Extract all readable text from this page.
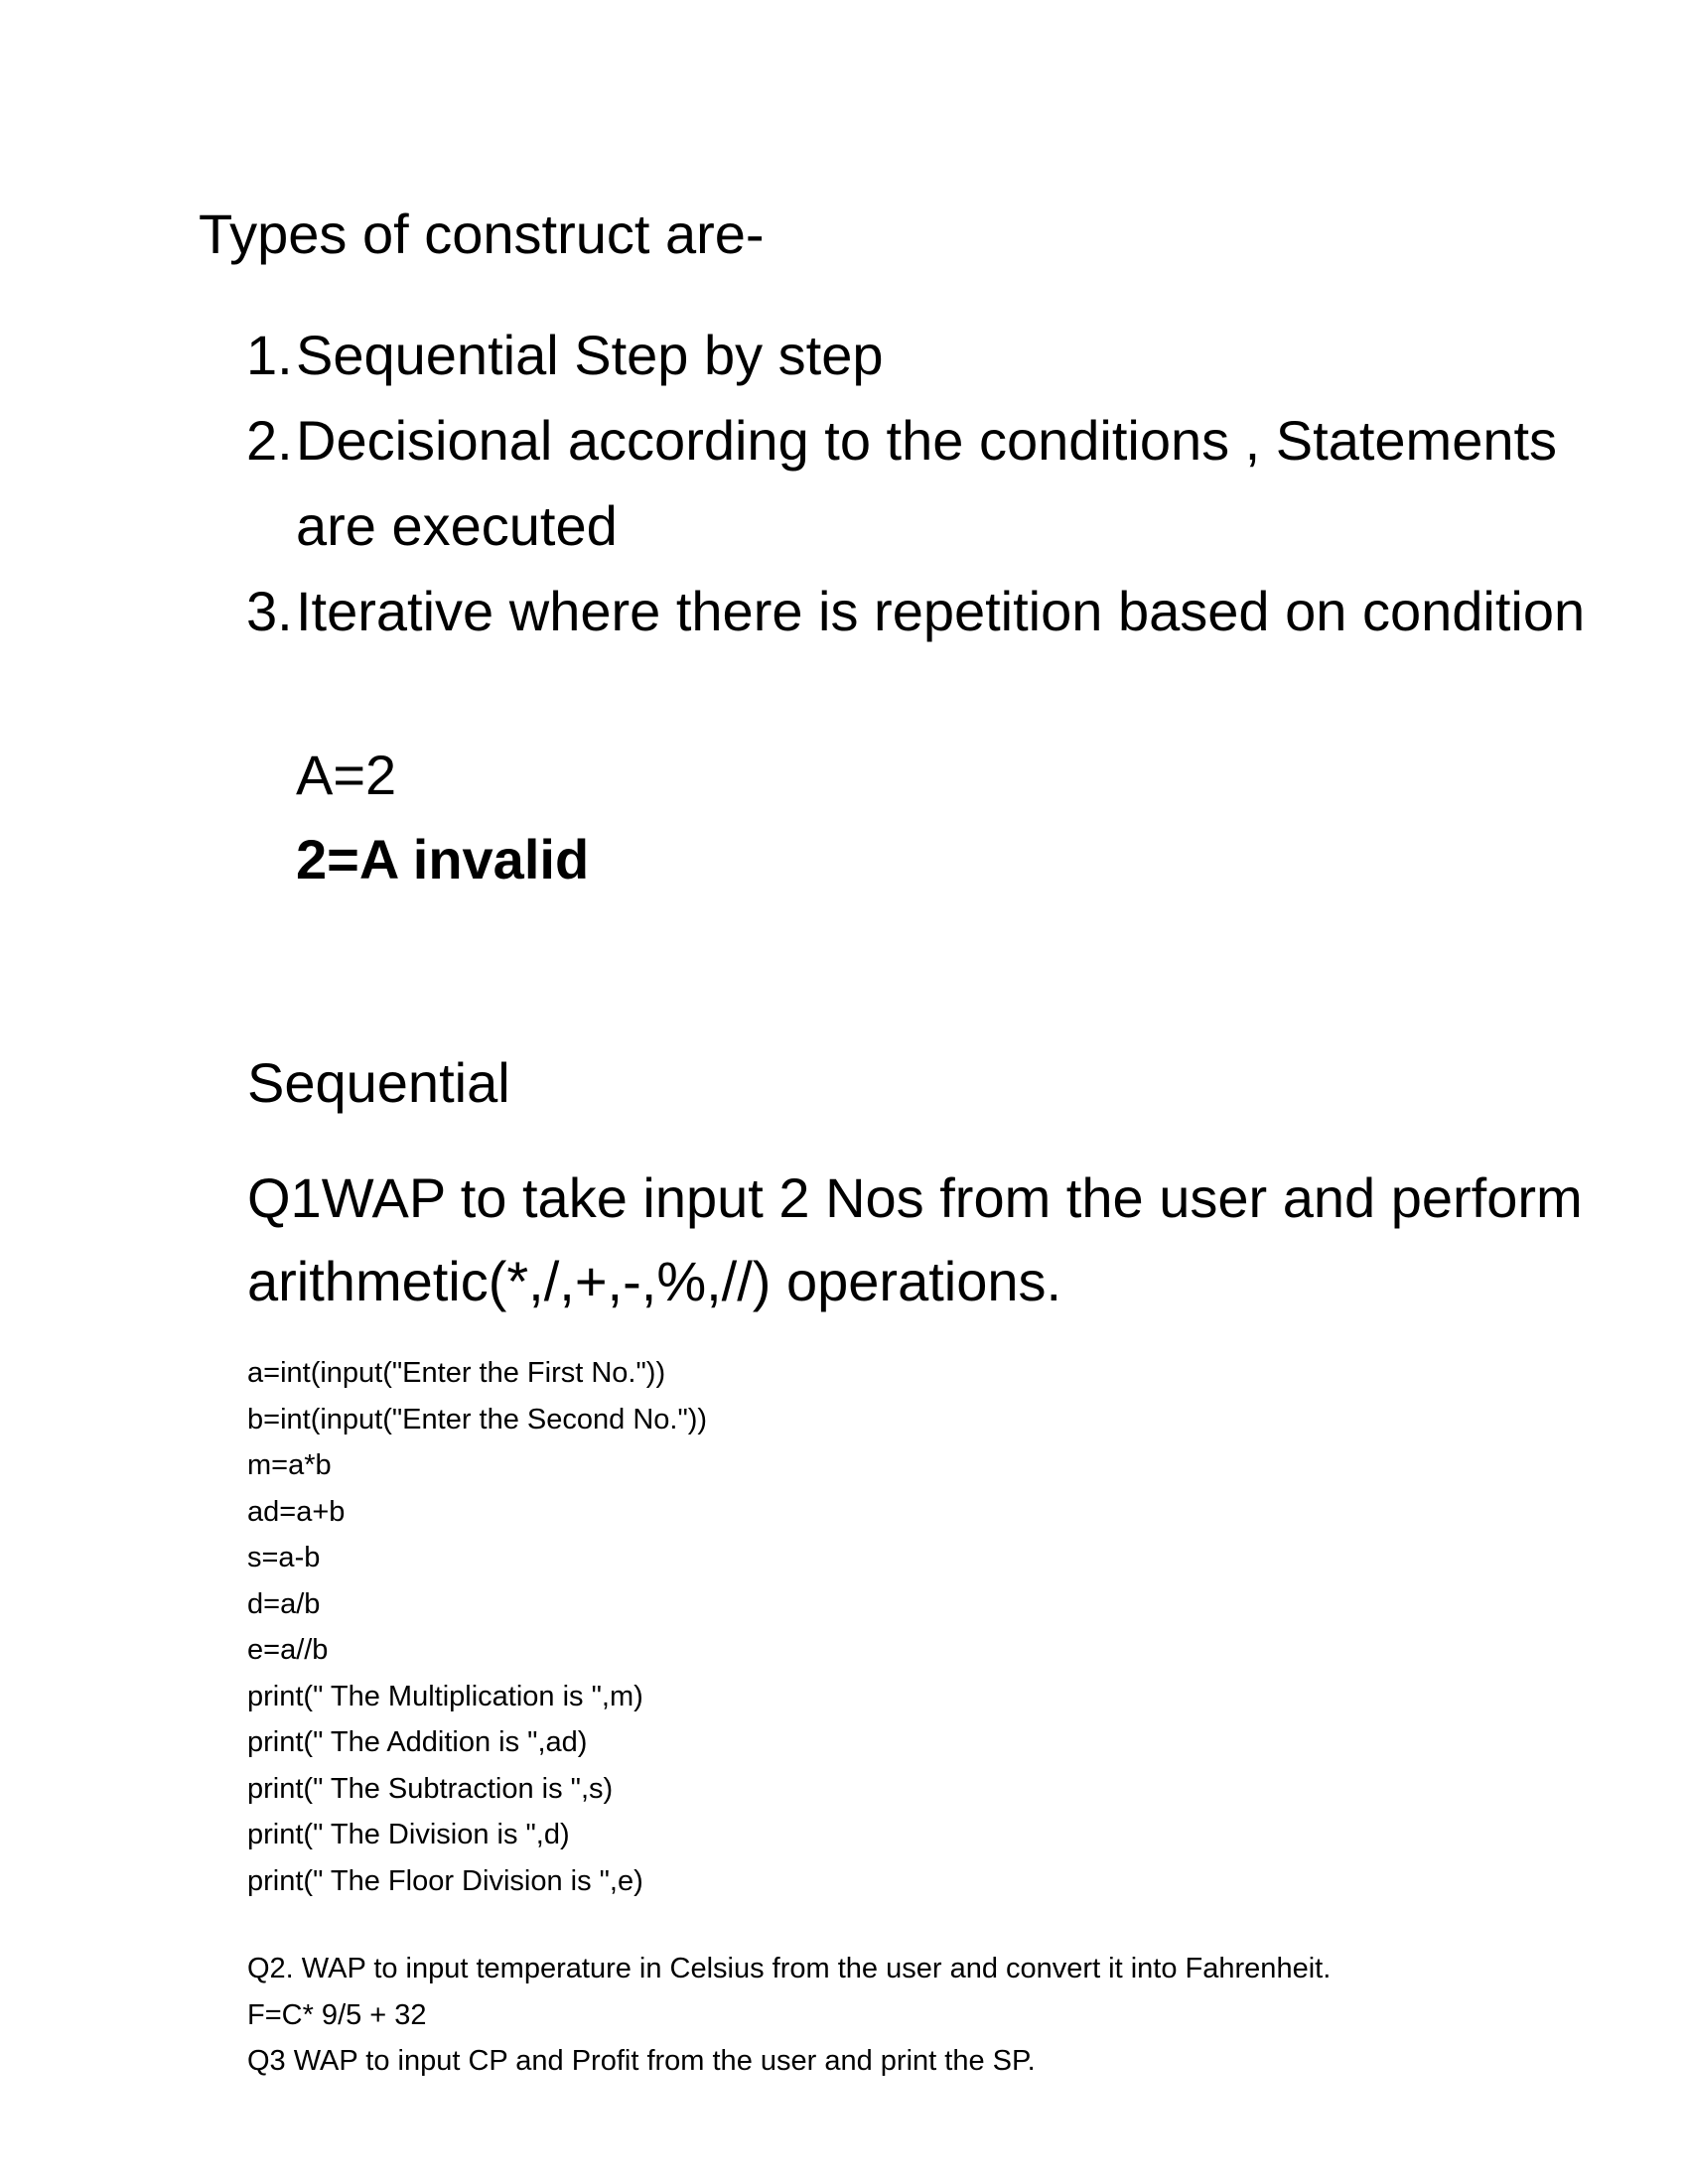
Types of construct are-
1. Sequential Step by step
2. Decisional according to the conditions , Statements are executed
3. Iterative where there is repetition based on condition
A=2
2=A invalid
Sequential

Q1WAP to take input 2 Nos from the user and perform arithmetic(*,/,+,-,%,//) operations.

a=int(input("Enter the First No."))
b=int(input("Enter the Second No."))
m=a*b
ad=a+b
s=a-b
d=a/b
e=a//b
print(" The Multiplication is ",m)
print(" The Addition is ",ad)
print(" The Subtraction is ",s)
print(" The Division is ",d)
print(" The Floor Division is ",e)
Q2. WAP to input temperature in Celsius from the user and convert it into Fahrenheit.
F=C* 9/5 + 32
Q3 WAP to input CP and Profit from the user and print the SP.
